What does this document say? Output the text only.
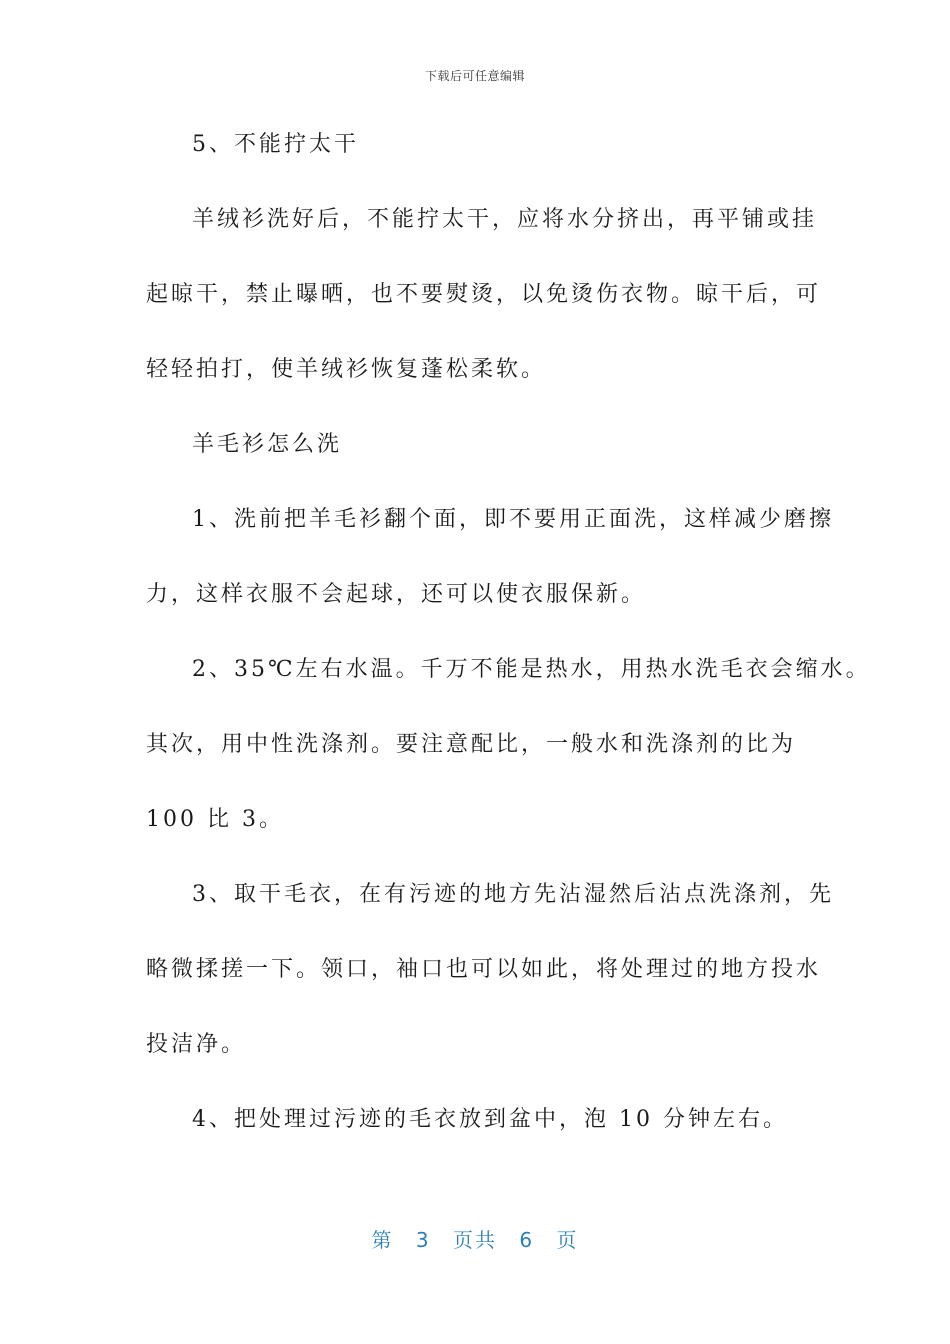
下载后可任意编辑
5、不能拧太干
羊绒衫洗好后，不能拧太干，应将水分挤出，再平铺或挂
起晾干，禁止曝晒，也不要熨烫，以免烫伤衣物。晾干后，可
轻轻拍打，使羊绒衫恢复蓬松柔软。
羊毛衫怎么洗
1、洗前把羊毛衫翻个面，即不要用正面洗，这样减少磨擦
力，这样衣服不会起球，还可以使衣服保新。
2、35℃左右水温。千万不能是热水，用热水洗毛衣会缩水。
其次，用中性洗涤剂。要注意配比，一般水和洗涤剂的比为
100 比 3。
3、取干毛衣，在有污迹的地方先沾湿然后沾点洗涤剂，先
略微揉搓一下。领口，袖口也可以如此，将处理过的地方投水
投洁净。
4、把处理过污迹的毛衣放到盆中，泡 10 分钟左右。
第 3 页共 6 页
